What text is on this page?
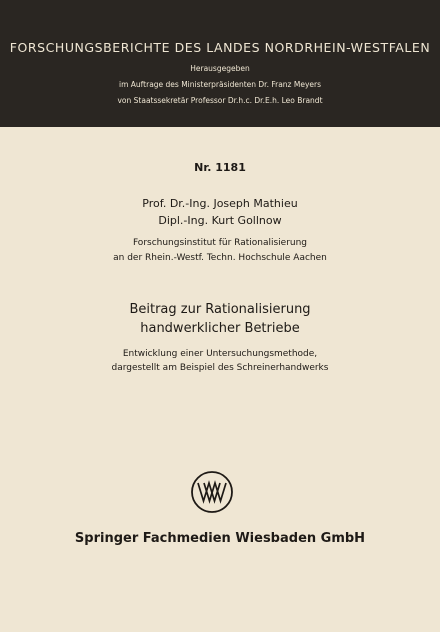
FORSCHUNGSBERICHTE DES LANDES NORDRHEIN-WESTFALEN
Herausgegeben
im Auftrage des Ministerpräsidenten Dr. Franz Meyers
von Staatssekretär Professor Dr.h.c. Dr.E.h. Leo Brandt
Nr. 1181
Prof. Dr.-Ing. Joseph Mathieu
Dipl.-Ing. Kurt Gollnow
Forschungsinstitut für Rationalisierung
an der Rhein.-Westf. Techn. Hochschule Aachen
Beitrag zur Rationalisierung
handwerklicher Betriebe
Entwicklung einer Untersuchungsmethode,
dargestellt am Beispiel des Schreinerhandwerks
Springer Fachmedien Wiesbaden GmbH
